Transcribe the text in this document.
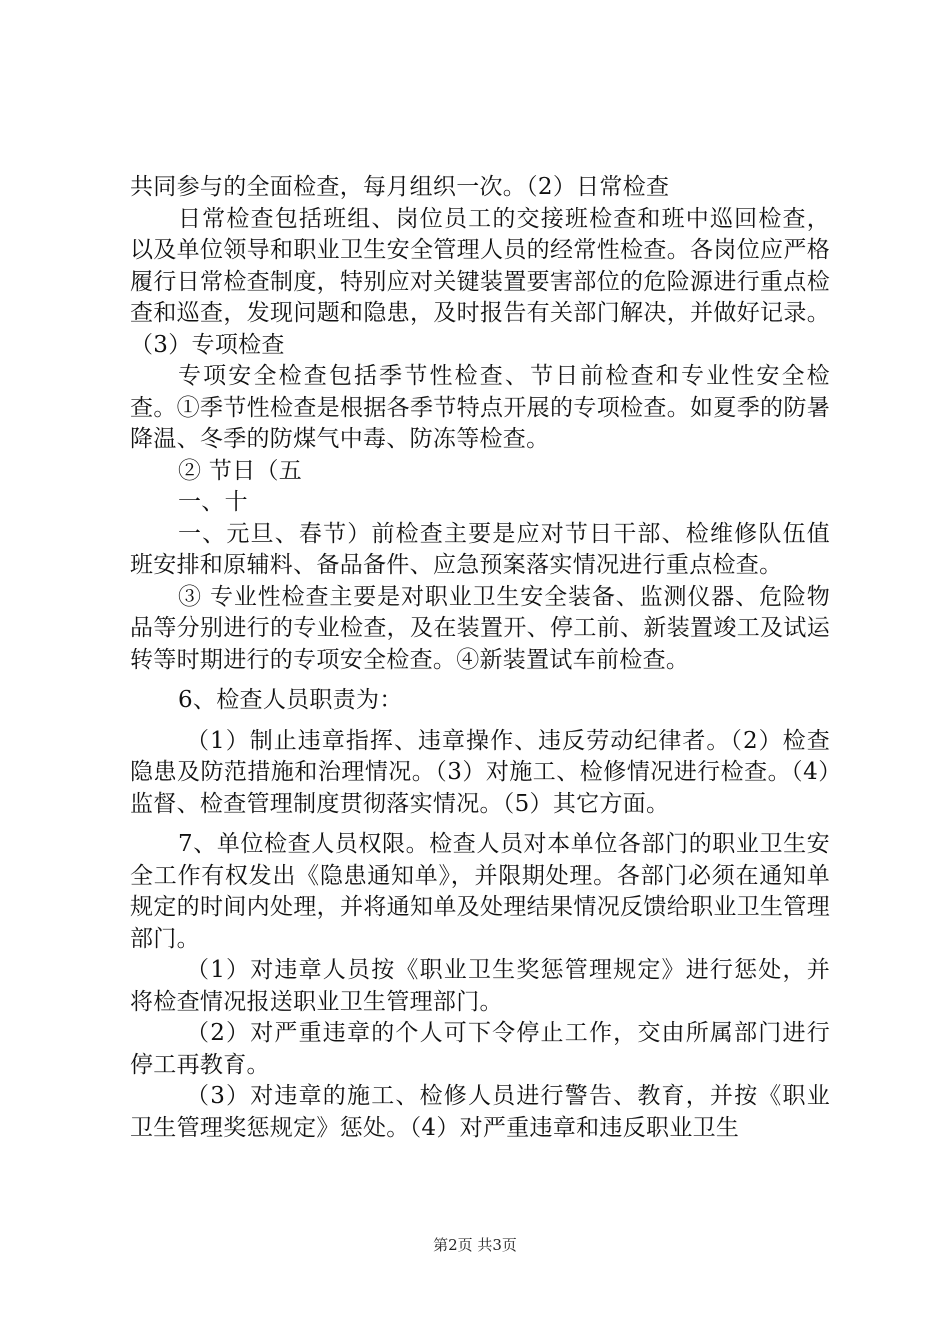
共同参与的全面检查，每月组织一次。（2）日常检查

日常检查包括班组、岗位员工的交接班检查和班中巡回检查，以及单位领导和职业卫生安全管理人员的经常性检查。各岗位应严格履行日常检查制度，特别应对关键装置要害部位的危险源进行重点检查和巡查，发现问题和隐患，及时报告有关部门解决，并做好记录。（3）专项检查

专项安全检查包括季节性检查、节日前检查和专业性安全检查。①季节性检查是根据各季节特点开展的专项检查。如夏季的防暑降温、冬季的防煤气中毒、防冻等检查。

② 节日（五

一、十

一、元旦、春节）前检查主要是应对节日干部、检维修队伍值班安排和原辅料、备品备件、应急预案落实情况进行重点检查。

③ 专业性检查主要是对职业卫生安全装备、监测仪器、危险物品等分别进行的专业检查，及在装置开、停工前、新装置竣工及试运转等时期进行的专项安全检查。④新装置试车前检查。

6、检查人员职责为：

（1）制止违章指挥、违章操作、违反劳动纪律者。（2）检查隐患及防范措施和治理情况。（3）对施工、检修情况进行检查。（4）监督、检查管理制度贯彻落实情况。（5）其它方面。

7、单位检查人员权限。检查人员对本单位各部门的职业卫生安全工作有权发出《隐患通知单》，并限期处理。各部门必须在通知单规定的时间内处理，并将通知单及处理结果情况反馈给职业卫生管理部门。

（1）对违章人员按《职业卫生奖惩管理规定》进行惩处，并将检查情况报送职业卫生管理部门。

（2）对严重违章的个人可下令停止工作，交由所属部门进行停工再教育。

（3）对违章的施工、检修人员进行警告、教育，并按《职业卫生管理奖惩规定》惩处。（4）对严重违章和违反职业卫生

第2页 共3页
